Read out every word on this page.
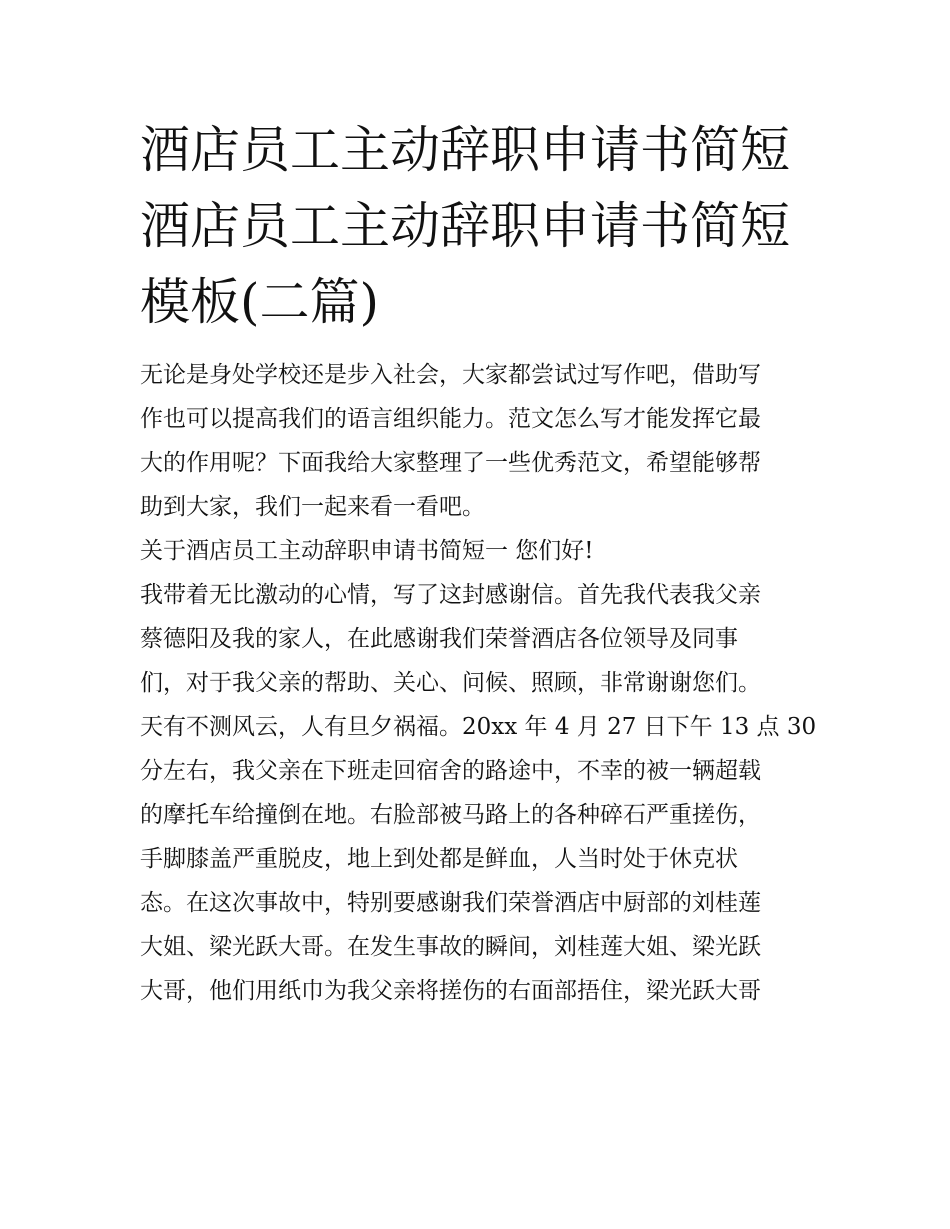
酒店员工主动辞职申请书简短
酒店员工主动辞职申请书简短
模板(二篇)
无论是身处学校还是步入社会，大家都尝试过写作吧，借助写
作也可以提高我们的语言组织能力。范文怎么写才能发挥它最
大的作用呢？下面我给大家整理了一些优秀范文，希望能够帮
助到大家，我们一起来看一看吧。
关于酒店员工主动辞职申请书简短一 您们好!
我带着无比激动的心情，写了这封感谢信。首先我代表我父亲
蔡德阳及我的家人，在此感谢我们荣誉酒店各位领导及同事
们，对于我父亲的帮助、关心、问候、照顾，非常谢谢您们。
天有不测风云，人有旦夕祸福。20xx 年 4 月 27 日下午 13 点 30
分左右，我父亲在下班走回宿舍的路途中，不幸的被一辆超载
的摩托车给撞倒在地。右脸部被马路上的各种碎石严重搓伤，
手脚膝盖严重脱皮，地上到处都是鲜血，人当时处于休克状
态。在这次事故中，特别要感谢我们荣誉酒店中厨部的刘桂莲
大姐、梁光跃大哥。在发生事故的瞬间，刘桂莲大姐、梁光跃
大哥，他们用纸巾为我父亲将搓伤的右面部捂住，梁光跃大哥
